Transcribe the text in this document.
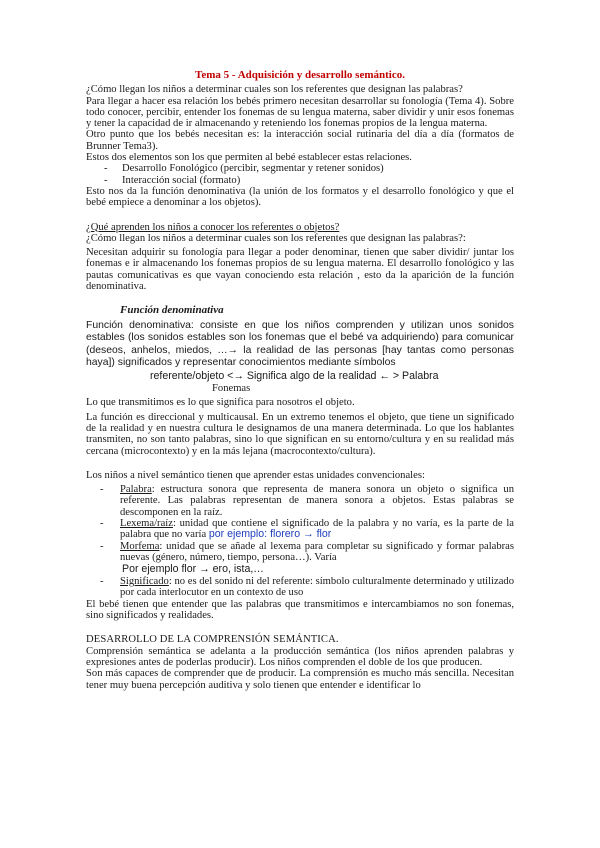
Tema 5 - Adquisición y desarrollo semántico.

¿Cómo llegan los niños a determinar cuales son los referentes que designan las palabras?

Para llegar a hacer esa relación los bebés primero necesitan desarrollar su fonología (Tema 4). Sobre todo conocer, percibir, entender los fonemas de su lengua materna, saber dividir y unir esos fonemas y tener la capacidad de ir almacenando y reteniendo los fonemas propios de la lengua materna.

Otro punto que los bebés necesitan es: la interacción social rutinaria del día a día (formatos de Brunner Tema3).

Estos dos elementos son los que permiten al bebé establecer estas relaciones.

- Desarrollo Fonológico (percibir, segmentar y retener sonidos)
- Interacción social (formato)

Esto nos da la función denominativa (la unión de los formatos y el desarrollo fonológico y que el bebé empiece a denominar a los objetos).

¿Qué aprenden los niños a conocer los referentes o objetos?

¿Cómo llegan los niños a determinar cuales son los referentes que designan las palabras?:

Necesitan adquirir su fonología para llegar a poder denominar, tienen que saber dividir/ juntar los fonemas e ir almacenando los fonemas propios de su lengua materna. El desarrollo fonológico y las pautas comunicativas es que vayan conociendo esta relación , esto da la aparición de la función denominativa.

Función denominativa

Función denominativa: consiste en que los niños comprenden y utilizan unos sonidos estables (los sonidos estables son los fonemas que el bebé va adquiriendo) para comunicar (deseos, anhelos, miedos, …→ la realidad de las personas [hay tantas como personas haya]) significados y representar conocimientos mediante símbolos

referente/objeto <→ Significa algo de la realidad ← > Palabra

Fonemas

Lo que transmitimos es lo que significa para nosotros el objeto.

La función es direccional y multicausal. En un extremo tenemos el objeto, que tiene un significado de la realidad y en nuestra cultura le designamos de una manera determinada. Lo que los hablantes transmiten, no son tanto palabras, sino lo que significan en su entorno/cultura y en su realidad más cercana (microcontexto) y en la más lejana (macrocontexto/cultura).

Los niños a nivel semántico tienen que aprender estas unidades convencionales:

- Palabra: estructura sonora que representa de manera sonora un objeto o significa un referente. Las palabras representan de manera sonora a objetos. Estas palabras se descomponen en la raíz.
- Lexema/raíz: unidad que contiene el significado de la palabra y no varía, es la parte de la palabra que no varía por ejemplo: florero → flor
- Morfema: unidad que se añade al lexema para completar su significado y formar palabras nuevas (género, número, tiempo, persona…). Varía

Por ejemplo flor → ero, ista,…

- Significado: no es del sonido ni del referente: símbolo culturalmente determinado y utilizado por cada interlocutor en un contexto de uso

El bebé tienen que entender que las palabras que transmitimos e intercambiamos no son fonemas, sino significados y realidades.

DESARROLLO DE LA COMPRENSIÓN SEMÁNTICA.

Comprensión semántica se adelanta a la producción semántica (los niños aprenden palabras y expresiones antes de poderlas producir). Los niños comprenden el doble de los que producen.

Son más capaces de comprender que de producir. La comprensión es mucho más sencilla. Necesitan tener muy buena percepción auditiva y solo tienen que entender e identificar lo
